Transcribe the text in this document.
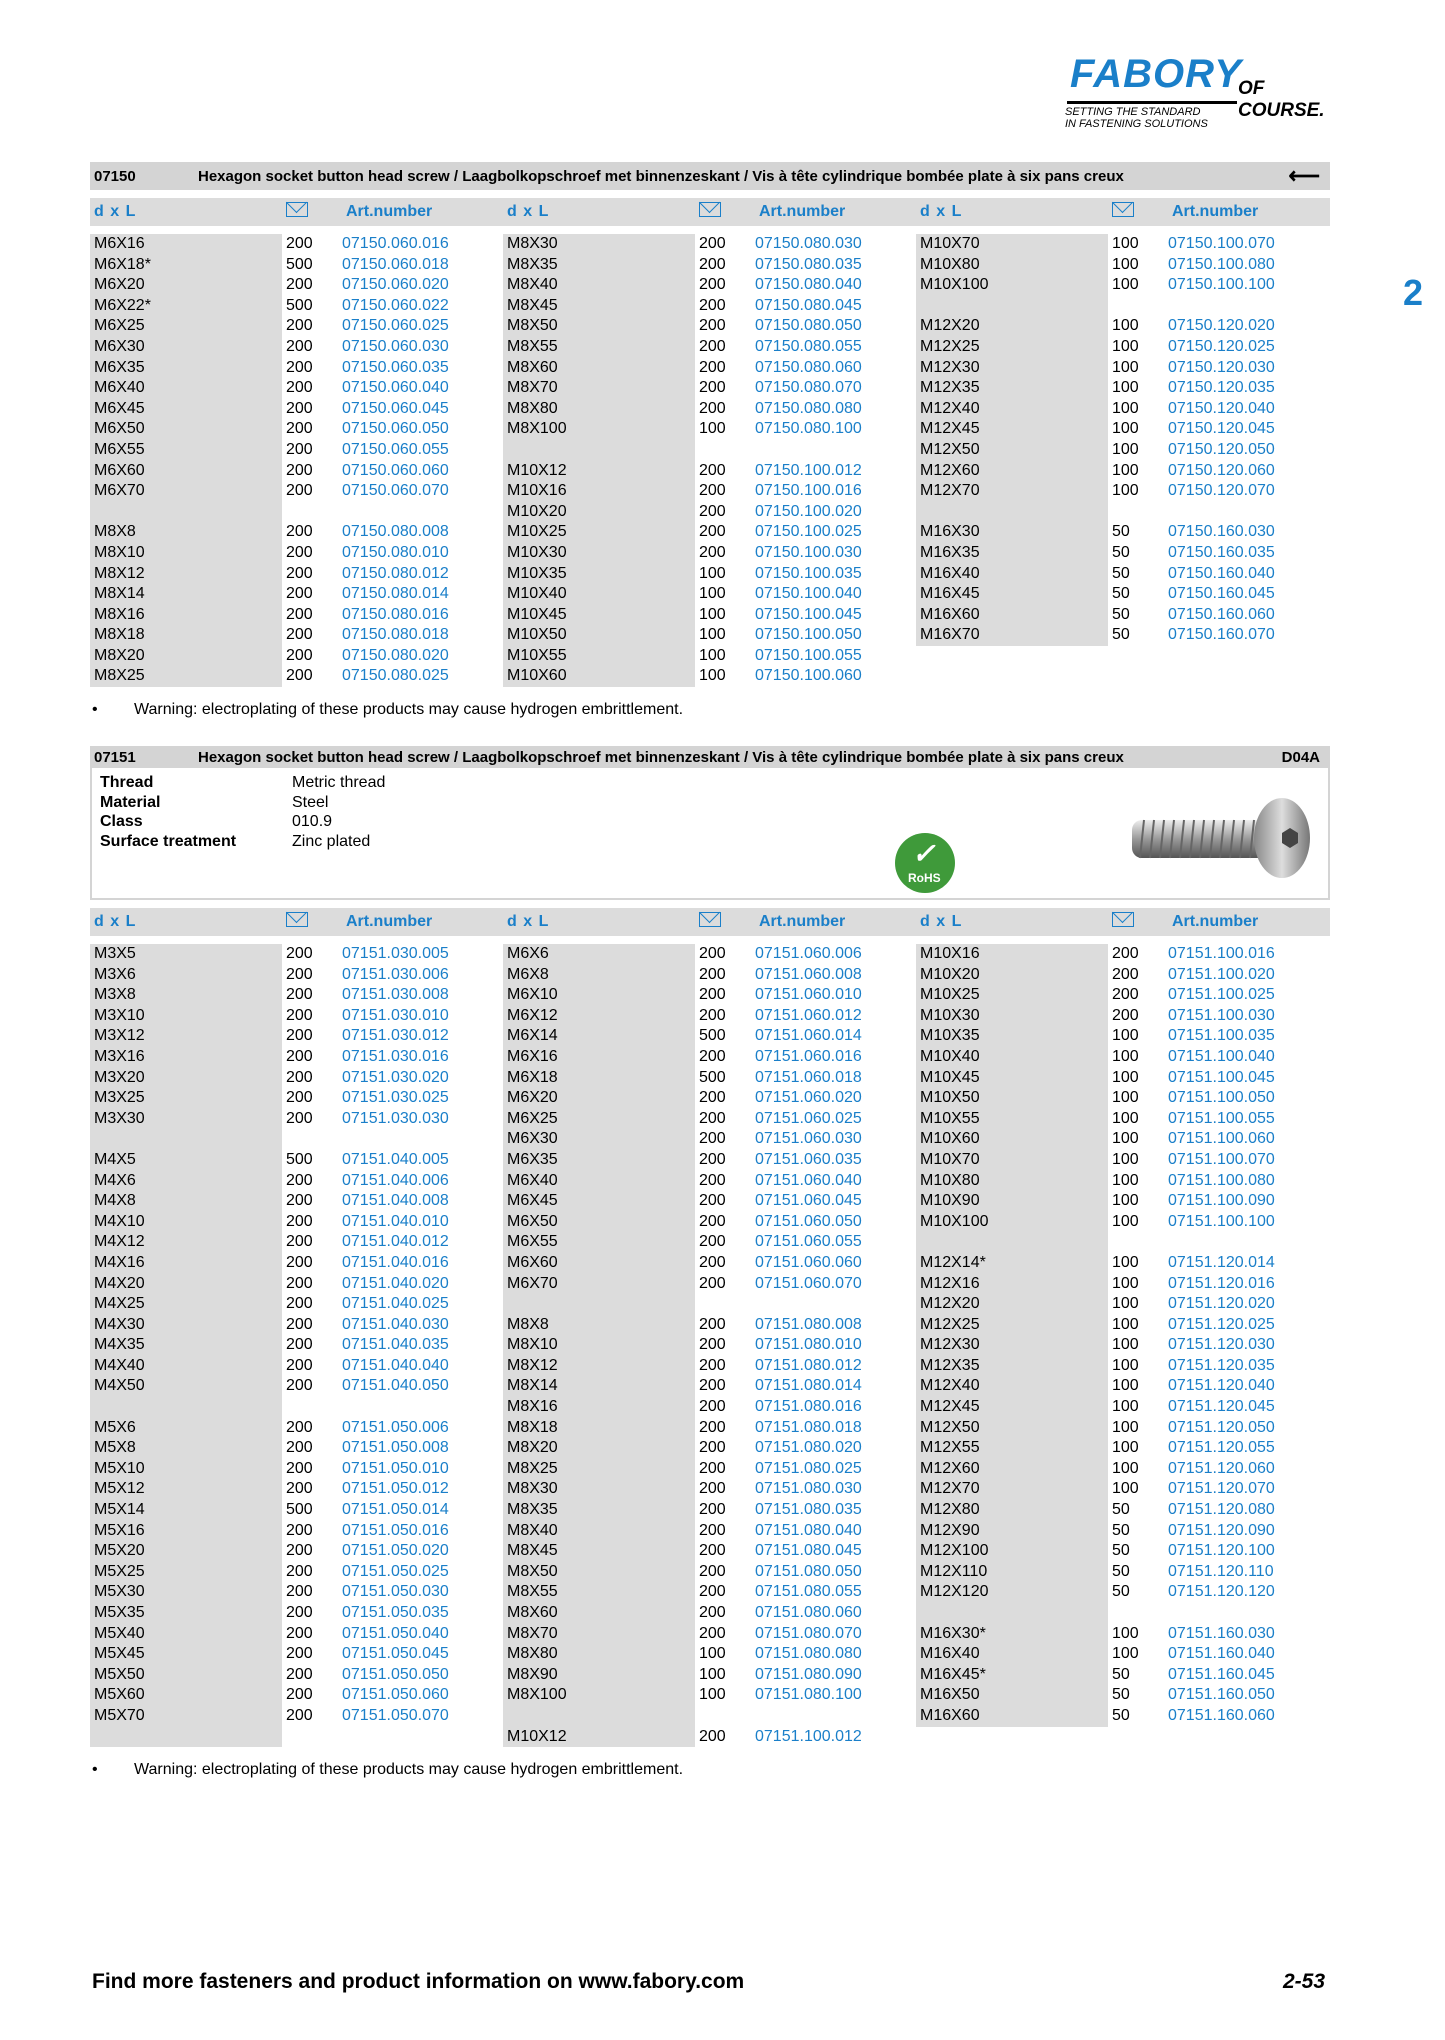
FABORY
OF COURSE.
SETTING THE STANDARD
IN FASTENING SOLUTIONS
2
07150	Hexagon socket button head screw / Laagbolkopschroef met binnenzeskant / Vis à tête cylindrique bombée plate à six pans creux	⟵
d x L	Art.number	d x L	Art.number	d x L	Art.number
M6X16	200	07150.060.016
M6X18*	500	07150.060.018
M6X20	200	07150.060.020
M6X22*	500	07150.060.022
M6X25	200	07150.060.025
M6X30	200	07150.060.030
M6X35	200	07150.060.035
M6X40	200	07150.060.040
M6X45	200	07150.060.045
M6X50	200	07150.060.050
M6X55	200	07150.060.055
M6X60	200	07150.060.060
M6X70	200	07150.060.070
M8X8	200	07150.080.008
M8X10	200	07150.080.010
M8X12	200	07150.080.012
M8X14	200	07150.080.014
M8X16	200	07150.080.016
M8X18	200	07150.080.018
M8X20	200	07150.080.020
M8X25	200	07150.080.025
M8X30	200	07150.080.030
M8X35	200	07150.080.035
M8X40	200	07150.080.040
M8X45	200	07150.080.045
M8X50	200	07150.080.050
M8X55	200	07150.080.055
M8X60	200	07150.080.060
M8X70	200	07150.080.070
M8X80	200	07150.080.080
M8X100	100	07150.080.100
M10X12	200	07150.100.012
M10X16	200	07150.100.016
M10X20	200	07150.100.020
M10X25	200	07150.100.025
M10X30	200	07150.100.030
M10X35	100	07150.100.035
M10X40	100	07150.100.040
M10X45	100	07150.100.045
M10X50	100	07150.100.050
M10X55	100	07150.100.055
M10X60	100	07150.100.060
M10X70	100	07150.100.070
M10X80	100	07150.100.080
M10X100	100	07150.100.100
M12X20	100	07150.120.020
M12X25	100	07150.120.025
M12X30	100	07150.120.030
M12X35	100	07150.120.035
M12X40	100	07150.120.040
M12X45	100	07150.120.045
M12X50	100	07150.120.050
M12X60	100	07150.120.060
M12X70	100	07150.120.070
M16X30	50	07150.160.030
M16X35	50	07150.160.035
M16X40	50	07150.160.040
M16X45	50	07150.160.045
M16X60	50	07150.160.060
M16X70	50	07150.160.070
•	Warning: electroplating of these products may cause hydrogen embrittlement.
07151	Hexagon socket button head screw / Laagbolkopschroef met binnenzeskant / Vis à tête cylindrique bombée plate à six pans creux	D04A
Thread	Metric thread
Material	Steel
Class	010.9
Surface treatment	Zinc plated	✓
RoHS
d x L	Art.number	d x L	Art.number	d x L	Art.number
M3X5	200	07151.030.005
M3X6	200	07151.030.006
M3X8	200	07151.030.008
M3X10	200	07151.030.010
M3X12	200	07151.030.012
M3X16	200	07151.030.016
M3X20	200	07151.030.020
M3X25	200	07151.030.025
M3X30	200	07151.030.030
M4X5	500	07151.040.005
M4X6	200	07151.040.006
M4X8	200	07151.040.008
M4X10	200	07151.040.010
M4X12	200	07151.040.012
M4X16	200	07151.040.016
M4X20	200	07151.040.020
M4X25	200	07151.040.025
M4X30	200	07151.040.030
M4X35	200	07151.040.035
M4X40	200	07151.040.040
M4X50	200	07151.040.050
M5X6	200	07151.050.006
M5X8	200	07151.050.008
M5X10	200	07151.050.010
M5X12	200	07151.050.012
M5X14	500	07151.050.014
M5X16	200	07151.050.016
M5X20	200	07151.050.020
M5X25	200	07151.050.025
M5X30	200	07151.050.030
M5X35	200	07151.050.035
M5X40	200	07151.050.040
M5X45	200	07151.050.045
M5X50	200	07151.050.050
M5X60	200	07151.050.060
M5X70	200	07151.050.070
M6X6	200	07151.060.006
M6X8	200	07151.060.008
M6X10	200	07151.060.010
M6X12	200	07151.060.012
M6X14	500	07151.060.014
M6X16	200	07151.060.016
M6X18	500	07151.060.018
M6X20	200	07151.060.020
M6X25	200	07151.060.025
M6X30	200	07151.060.030
M6X35	200	07151.060.035
M6X40	200	07151.060.040
M6X45	200	07151.060.045
M6X50	200	07151.060.050
M6X55	200	07151.060.055
M6X60	200	07151.060.060
M6X70	200	07151.060.070
M8X8	200	07151.080.008
M8X10	200	07151.080.010
M8X12	200	07151.080.012
M8X14	200	07151.080.014
M8X16	200	07151.080.016
M8X18	200	07151.080.018
M8X20	200	07151.080.020
M8X25	200	07151.080.025
M8X30	200	07151.080.030
M8X35	200	07151.080.035
M8X40	200	07151.080.040
M8X45	200	07151.080.045
M8X50	200	07151.080.050
M8X55	200	07151.080.055
M8X60	200	07151.080.060
M8X70	200	07151.080.070
M8X80	100	07151.080.080
M8X90	100	07151.080.090
M8X100	100	07151.080.100
M10X12	200	07151.100.012
M10X16	200	07151.100.016
M10X20	200	07151.100.020
M10X25	200	07151.100.025
M10X30	200	07151.100.030
M10X35	100	07151.100.035
M10X40	100	07151.100.040
M10X45	100	07151.100.045
M10X50	100	07151.100.050
M10X55	100	07151.100.055
M10X60	100	07151.100.060
M10X70	100	07151.100.070
M10X80	100	07151.100.080
M10X90	100	07151.100.090
M10X100	100	07151.100.100
M12X14*	100	07151.120.014
M12X16	100	07151.120.016
M12X20	100	07151.120.020
M12X25	100	07151.120.025
M12X30	100	07151.120.030
M12X35	100	07151.120.035
M12X40	100	07151.120.040
M12X45	100	07151.120.045
M12X50	100	07151.120.050
M12X55	100	07151.120.055
M12X60	100	07151.120.060
M12X70	100	07151.120.070
M12X80	50	07151.120.080
M12X90	50	07151.120.090
M12X100	50	07151.120.100
M12X110	50	07151.120.110
M12X120	50	07151.120.120
M16X30*	100	07151.160.030
M16X40	100	07151.160.040
M16X45*	50	07151.160.045
M16X50	50	07151.160.050
M16X60	50	07151.160.060
•	Warning: electroplating of these products may cause hydrogen embrittlement.
Find more fasteners and product information on www.fabory.com	2-53
